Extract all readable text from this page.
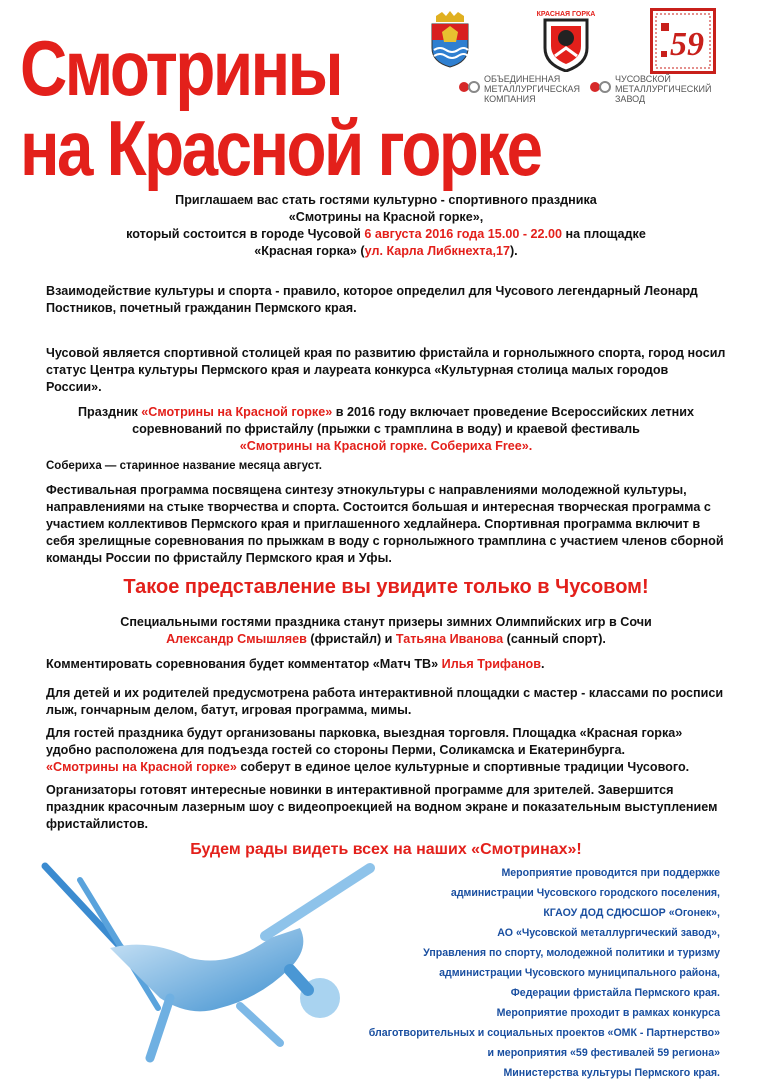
Смотрины
на Красной горке
КРАСНАЯ ГОРКА
59
ОБЪЕДИНЕННАЯ МЕТАЛЛУРГИЧЕСКАЯ КОМПАНИЯ
ЧУСОВСКОЙ МЕТАЛЛУРГИЧЕСКИЙ ЗАВОД
Приглашаем вас стать гостями культурно - спортивного праздника
«Смотрины на Красной горке»,
который состоится в городе Чусовой 6 августа 2016 года 15.00 - 22.00 на площадке
«Красная горка» (ул. Карла Либкнехта,17).

Взаимодействие культуры и спорта - правило, которое определил для Чусового легендарный Леонард Постников, почетный гражданин Пермского края.

Чусовой является спортивной столицей края по развитию фристайла и горнолыжного спорта, город носил статус Центра культуры Пермского края и лауреата конкурса «Культурная столица малых городов России».

Праздник «Смотрины на Красной горке» в 2016 году включает проведение Всероссийских летних соревнований по фристайлу (прыжки с трамплина в воду) и краевой фестиваль
«Смотрины на Красной горке. Собериха Free».

Собериха — старинное название месяца август.

Фестивальная программа посвящена синтезу этнокультуры с направлениями молодежной культуры, направлениями на стыке творчества и спорта. Состоится большая и интересная творческая программа с участием коллективов Пермского края и приглашенного хедлайнера. Спортивная программа включит в себя зрелищные соревнования по прыжкам в воду с горнолыжного трамплина с участием членов сборной команды России по фристайлу Пермского края и Уфы.

Такое представление вы увидите только в Чусовом!
Специальными гостями праздника станут призеры зимних Олимпийских игр в Сочи
Александр Смышляев (фристайл) и Татьяна Иванова (санный спорт).
Комментировать соревнования будет комментатор «Матч ТВ» Илья Трифанов.

Для детей и их родителей предусмотрена работа интерактивной площадки с мастер - классами по росписи лыж, гончарным делом, батут, игровая программа, мимы.

Для гостей праздника будут организованы парковка, выездная торговля. Площадка «Красная горка» удобно расположена для подъезда гостей со стороны Перми, Соликамска и Екатеринбурга.
«Смотрины на Красной горке» соберут в единое целое культурные и спортивные традиции Чусового.

Организаторы готовят интересные новинки в интерактивной программе для зрителей. Завершится праздник красочным лазерным шоу с видеопроекцией на водном экране и показательным выступлением фристайлистов.

Будем рады видеть всех на наших «Смотринах»!
Мероприятие проводится при поддержке
администрации Чусовского городского поселения,
КГАОУ ДОД СДЮСШОР «Огонек»,
АО «Чусовской металлургический завод»,
Управления по спорту, молодежной политики и туризму
администрации Чусовского муниципального района,
Федерации фристайла Пермского края.
Мероприятие проходит в рамках конкурса
благотворительных и социальных проектов «ОМК - Партнерство»
и мероприятия «59 фестивалей 59 региона»
Министерства культуры Пермского края.
